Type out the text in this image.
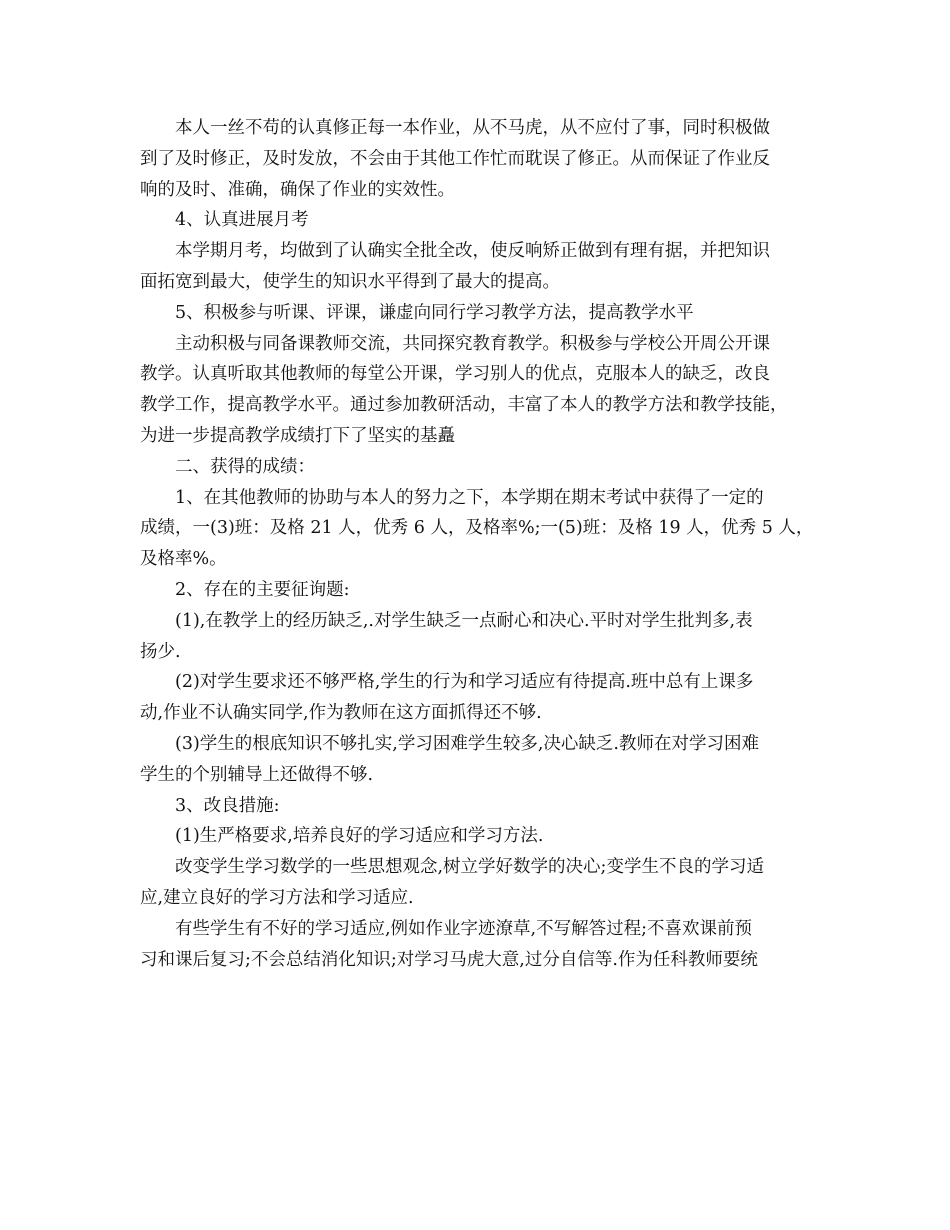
本人一丝不苟的认真修正每一本作业，从不马虎，从不应付了事，同时积极做

到了及时修正，及时发放，不会由于其他工作忙而耽误了修正。从而保证了作业反

响的及时、准确，确保了作业的实效性。

4、认真进展月考

本学期月考，均做到了认确实全批全改，使反响矫正做到有理有据，并把知识

面拓宽到最大，使学生的知识水平得到了最大的提高。

5、积极参与听课、评课，谦虚向同行学习教学方法，提高教学水平

主动积极与同备课教师交流，共同探究教育教学。积极参与学校公开周公开课

教学。认真听取其他教师的每堂公开课，学习别人的优点，克服本人的缺乏，改良

教学工作，提高教学水平。通过参加教研活动，丰富了本人的教学方法和教学技能，

为进一步提高教学成绩打下了坚实的基矗

二、获得的成绩：

1、在其他教师的协助与本人的努力之下，本学期在期末考试中获得了一定的

成绩，一(3)班：及格 21 人，优秀 6 人，及格率%;一(5)班：及格 19 人，优秀 5 人，

及格率%。

2、存在的主要征询题:

(1),在教学上的经历缺乏,.对学生缺乏一点耐心和决心.平时对学生批判多,表

扬少.

(2)对学生要求还不够严格,学生的行为和学习适应有待提高.班中总有上课多

动,作业不认确实同学,作为教师在这方面抓得还不够.

(3)学生的根底知识不够扎实,学习困难学生较多,决心缺乏.教师在对学习困难

学生的个别辅导上还做得不够.

3、改良措施:

(1)生严格要求,培养良好的学习适应和学习方法.

改变学生学习数学的一些思想观念,树立学好数学的决心;变学生不良的学习适

应,建立良好的学习方法和学习适应.

有些学生有不好的学习适应,例如作业字迹潦草,不写解答过程;不喜欢课前预

习和课后复习;不会总结消化知识;对学习马虎大意,过分自信等.作为任科教师要统
